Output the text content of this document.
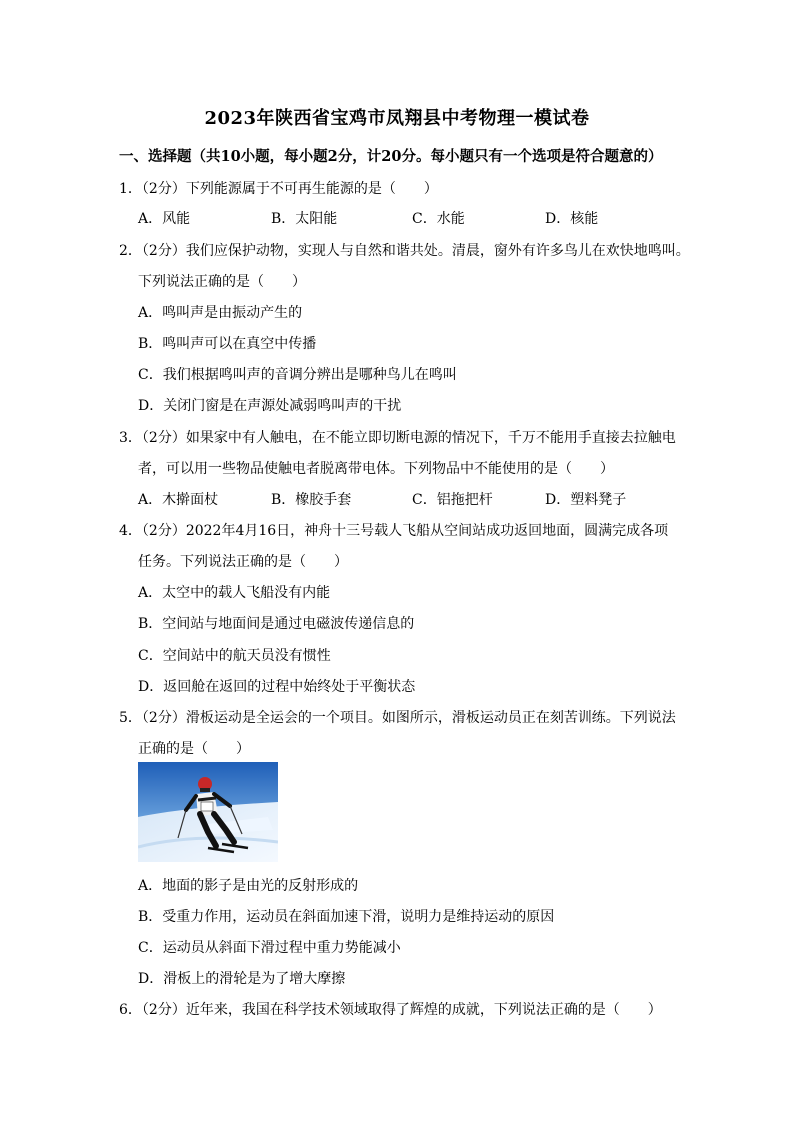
2023年陕西省宝鸡市凤翔县中考物理一模试卷
一、选择题（共10小题，每小题2分，计20分。每小题只有一个选项是符合题意的）
1．（2分）下列能源属于不可再生能源的是（　　）
A．风能	B．太阳能	C．水能	D．核能
2．（2分）我们应保护动物，实现人与自然和谐共处。清晨，窗外有许多鸟儿在欢快地鸣叫。
下列说法正确的是（　　）
A．鸣叫声是由振动产生的
B．鸣叫声可以在真空中传播
C．我们根据鸣叫声的音调分辨出是哪种鸟儿在鸣叫
D．关闭门窗是在声源处减弱鸣叫声的干扰
3．（2分）如果家中有人触电，在不能立即切断电源的情况下，千万不能用手直接去拉触电
者，可以用一些物品使触电者脱离带电体。下列物品中不能使用的是（　　）
A．木擀面杖	B．橡胶手套	C．铝拖把杆	D．塑料凳子
4．（2分）2022年4月16日，神舟十三号载人飞船从空间站成功返回地面，圆满完成各项
任务。下列说法正确的是（　　）
A．太空中的载人飞船没有内能
B．空间站与地面间是通过电磁波传递信息的
C．空间站中的航天员没有惯性
D．返回舱在返回的过程中始终处于平衡状态
5．（2分）滑板运动是全运会的一个项目。如图所示，滑板运动员正在刻苦训练。下列说法
正确的是（　　）
A．地面的影子是由光的反射形成的
B．受重力作用，运动员在斜面加速下滑，说明力是维持运动的原因
C．运动员从斜面下滑过程中重力势能减小
D．滑板上的滑轮是为了增大摩擦
6．（2分）近年来，我国在科学技术领域取得了辉煌的成就，下列说法正确的是（　　）
